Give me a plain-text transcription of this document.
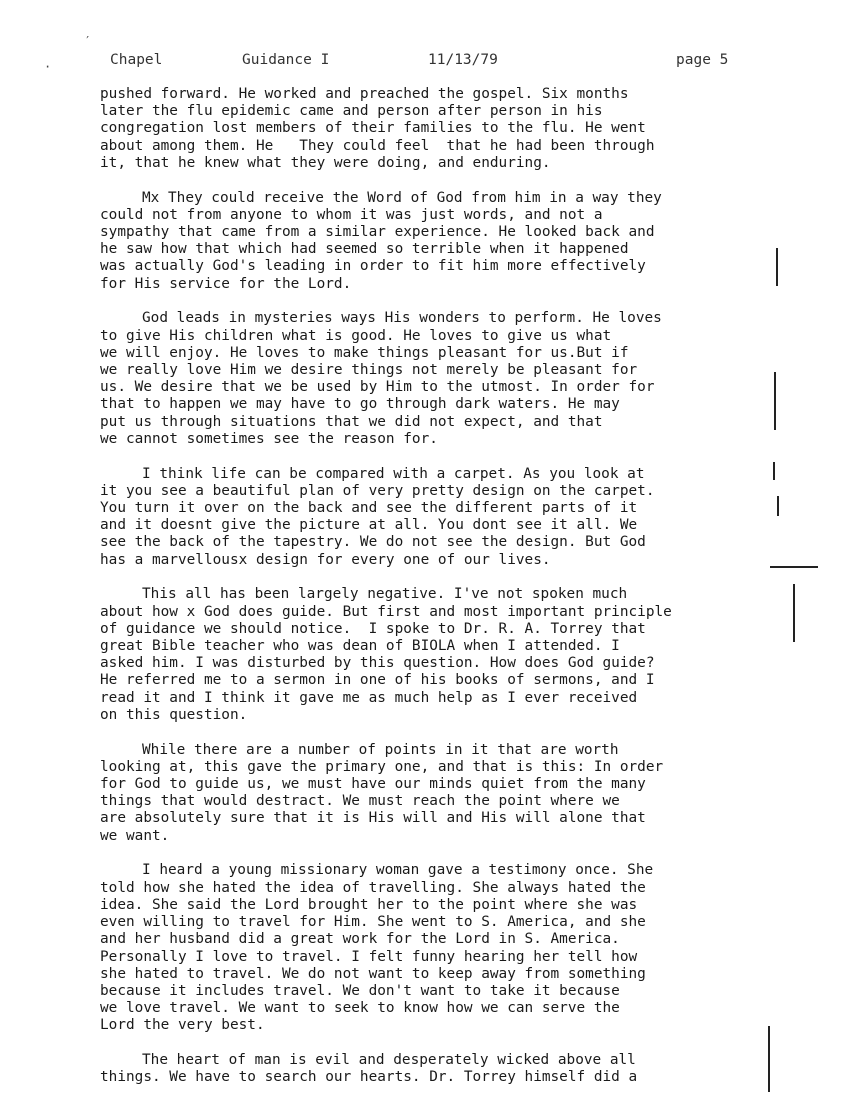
Chapel	Guidance I	11/13/79	page 5
pushed forward. He worked and preached the gospel. Six months
later the flu epidemic came and person after person in his
congregation lost members of their families to the flu. He went
about among them. He   They could feel  that he had been through
it, that he knew what they were doing, and enduring.
Mx They could receive the Word of God from him in a way they
could not from anyone to whom it was just words, and not a
sympathy that came from a similar experience. He looked back and
he saw how that which had seemed so terrible when it happened
was actually God's leading in order to fit him more effectively
for His service for the Lord.
God leads in mysteries ways His wonders to perform. He loves
to give His children what is good. He loves to give us what
we will enjoy. He loves to make things pleasant for us.But if
we really love Him we desire things not merely be pleasant for
us. We desire that we be used by Him to the utmost. In order for
that to happen we may have to go through dark waters. He may
put us through situations that we did not expect, and that
we cannot sometimes see the reason for.
I think life can be compared with a carpet. As you look at
it you see a beautiful plan of very pretty design on the carpet.
You turn it over on the back and see the different parts of it
and it doesnt give the picture at all. You dont see it all. We
see the back of the tapestry. We do not see the design. But God
has a marvellousx design for every one of our lives.
This all has been largely negative. I've not spoken much
about how x God does guide. But first and most important principle
of guidance we should notice.  I spoke to Dr. R. A. Torrey that
great Bible teacher who was dean of BIOLA when I attended. I
asked him. I was disturbed by this question. How does God guide?
He referred me to a sermon in one of his books of sermons, and I
read it and I think it gave me as much help as I ever received
on this question.
While there are a number of points in it that are worth
looking at, this gave the primary one, and that is this: In order
for God to guide us, we must have our minds quiet from the many
things that would destract. We must reach the point where we
are absolutely sure that it is His will and His will alone that
we want.
I heard a young missionary woman gave a testimony once. She
told how she hated the idea of travelling. She always hated the
idea. She said the Lord brought her to the point where she was
even willing to travel for Him. She went to S. America, and she
and her husband did a great work for the Lord in S. America.
Personally I love to travel. I felt funny hearing her tell how
she hated to travel. We do not want to keep away from something
because it includes travel. We don't want to take it because
we love travel. We want to seek to know how we can serve the
Lord the very best.
The heart of man is evil and desperately wicked above all
things. We have to search our hearts. Dr. Torrey himself did a
′
·
